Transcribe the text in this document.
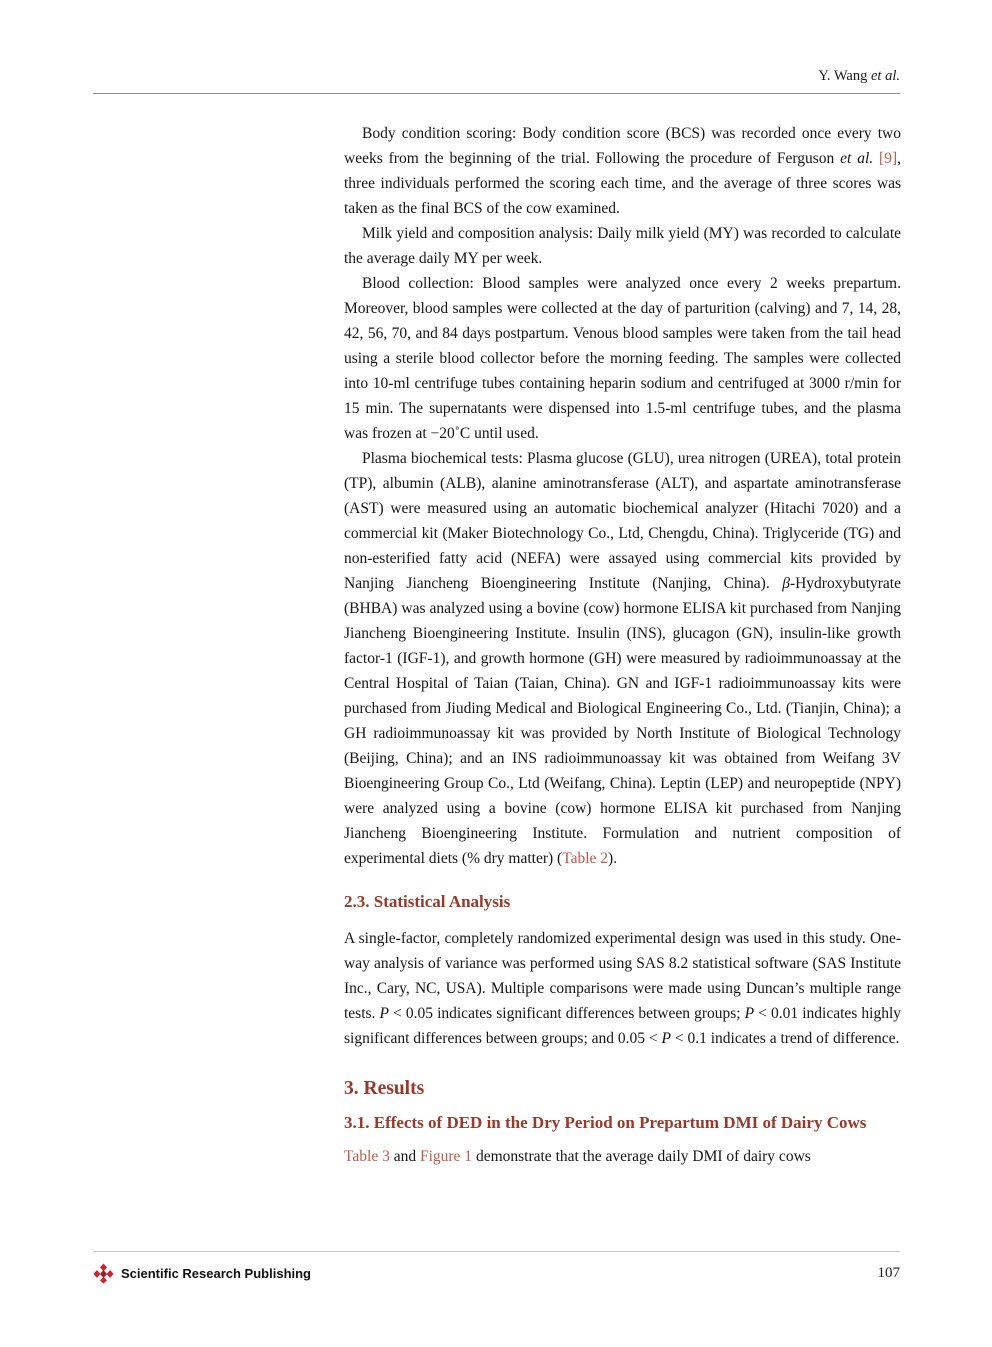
Y. Wang et al.

Body condition scoring: Body condition score (BCS) was recorded once every two weeks from the beginning of the trial. Following the procedure of Ferguson et al. [9], three individuals performed the scoring each time, and the average of three scores was taken as the final BCS of the cow examined.

Milk yield and composition analysis: Daily milk yield (MY) was recorded to calculate the average daily MY per week.

Blood collection: Blood samples were analyzed once every 2 weeks prepartum. Moreover, blood samples were collected at the day of parturition (calving) and 7, 14, 28, 42, 56, 70, and 84 days postpartum. Venous blood samples were taken from the tail head using a sterile blood collector before the morning feeding. The samples were collected into 10-ml centrifuge tubes containing heparin sodium and centrifuged at 3000 r/min for 15 min. The supernatants were dispensed into 1.5-ml centrifuge tubes, and the plasma was frozen at −20˚C until used.

Plasma biochemical tests: Plasma glucose (GLU), urea nitrogen (UREA), total protein (TP), albumin (ALB), alanine aminotransferase (ALT), and aspartate aminotransferase (AST) were measured using an automatic biochemical analyzer (Hitachi 7020) and a commercial kit (Maker Biotechnology Co., Ltd, Chengdu, China). Triglyceride (TG) and non-esterified fatty acid (NEFA) were assayed using commercial kits provided by Nanjing Jiancheng Bioengineering Institute (Nanjing, China). β-Hydroxybutyrate (BHBA) was analyzed using a bovine (cow) hormone ELISA kit purchased from Nanjing Jiancheng Bioengineering Institute. Insulin (INS), glucagon (GN), insulin-like growth factor-1 (IGF-1), and growth hormone (GH) were measured by radioimmunoassay at the Central Hospital of Taian (Taian, China). GN and IGF-1 radioimmunoassay kits were purchased from Jiuding Medical and Biological Engineering Co., Ltd. (Tianjin, China); a GH radioimmunoassay kit was provided by North Institute of Biological Technology (Beijing, China); and an INS radioimmunoassay kit was obtained from Weifang 3V Bioengineering Group Co., Ltd (Weifang, China). Leptin (LEP) and neuropeptide (NPY) were analyzed using a bovine (cow) hormone ELISA kit purchased from Nanjing Jiancheng Bioengineering Institute. Formulation and nutrient composition of experimental diets (% dry matter) (Table 2).

2.3. Statistical Analysis

A single-factor, completely randomized experimental design was used in this study. One-way analysis of variance was performed using SAS 8.2 statistical software (SAS Institute Inc., Cary, NC, USA). Multiple comparisons were made using Duncan’s multiple range tests. P < 0.05 indicates significant differences between groups; P < 0.01 indicates highly significant differences between groups; and 0.05 < P < 0.1 indicates a trend of difference.

3. Results
3.1. Effects of DED in the Dry Period on Prepartum DMI of Dairy Cows

Table 3 and Figure 1 demonstrate that the average daily DMI of dairy cows

Scientific Research Publishing	107
